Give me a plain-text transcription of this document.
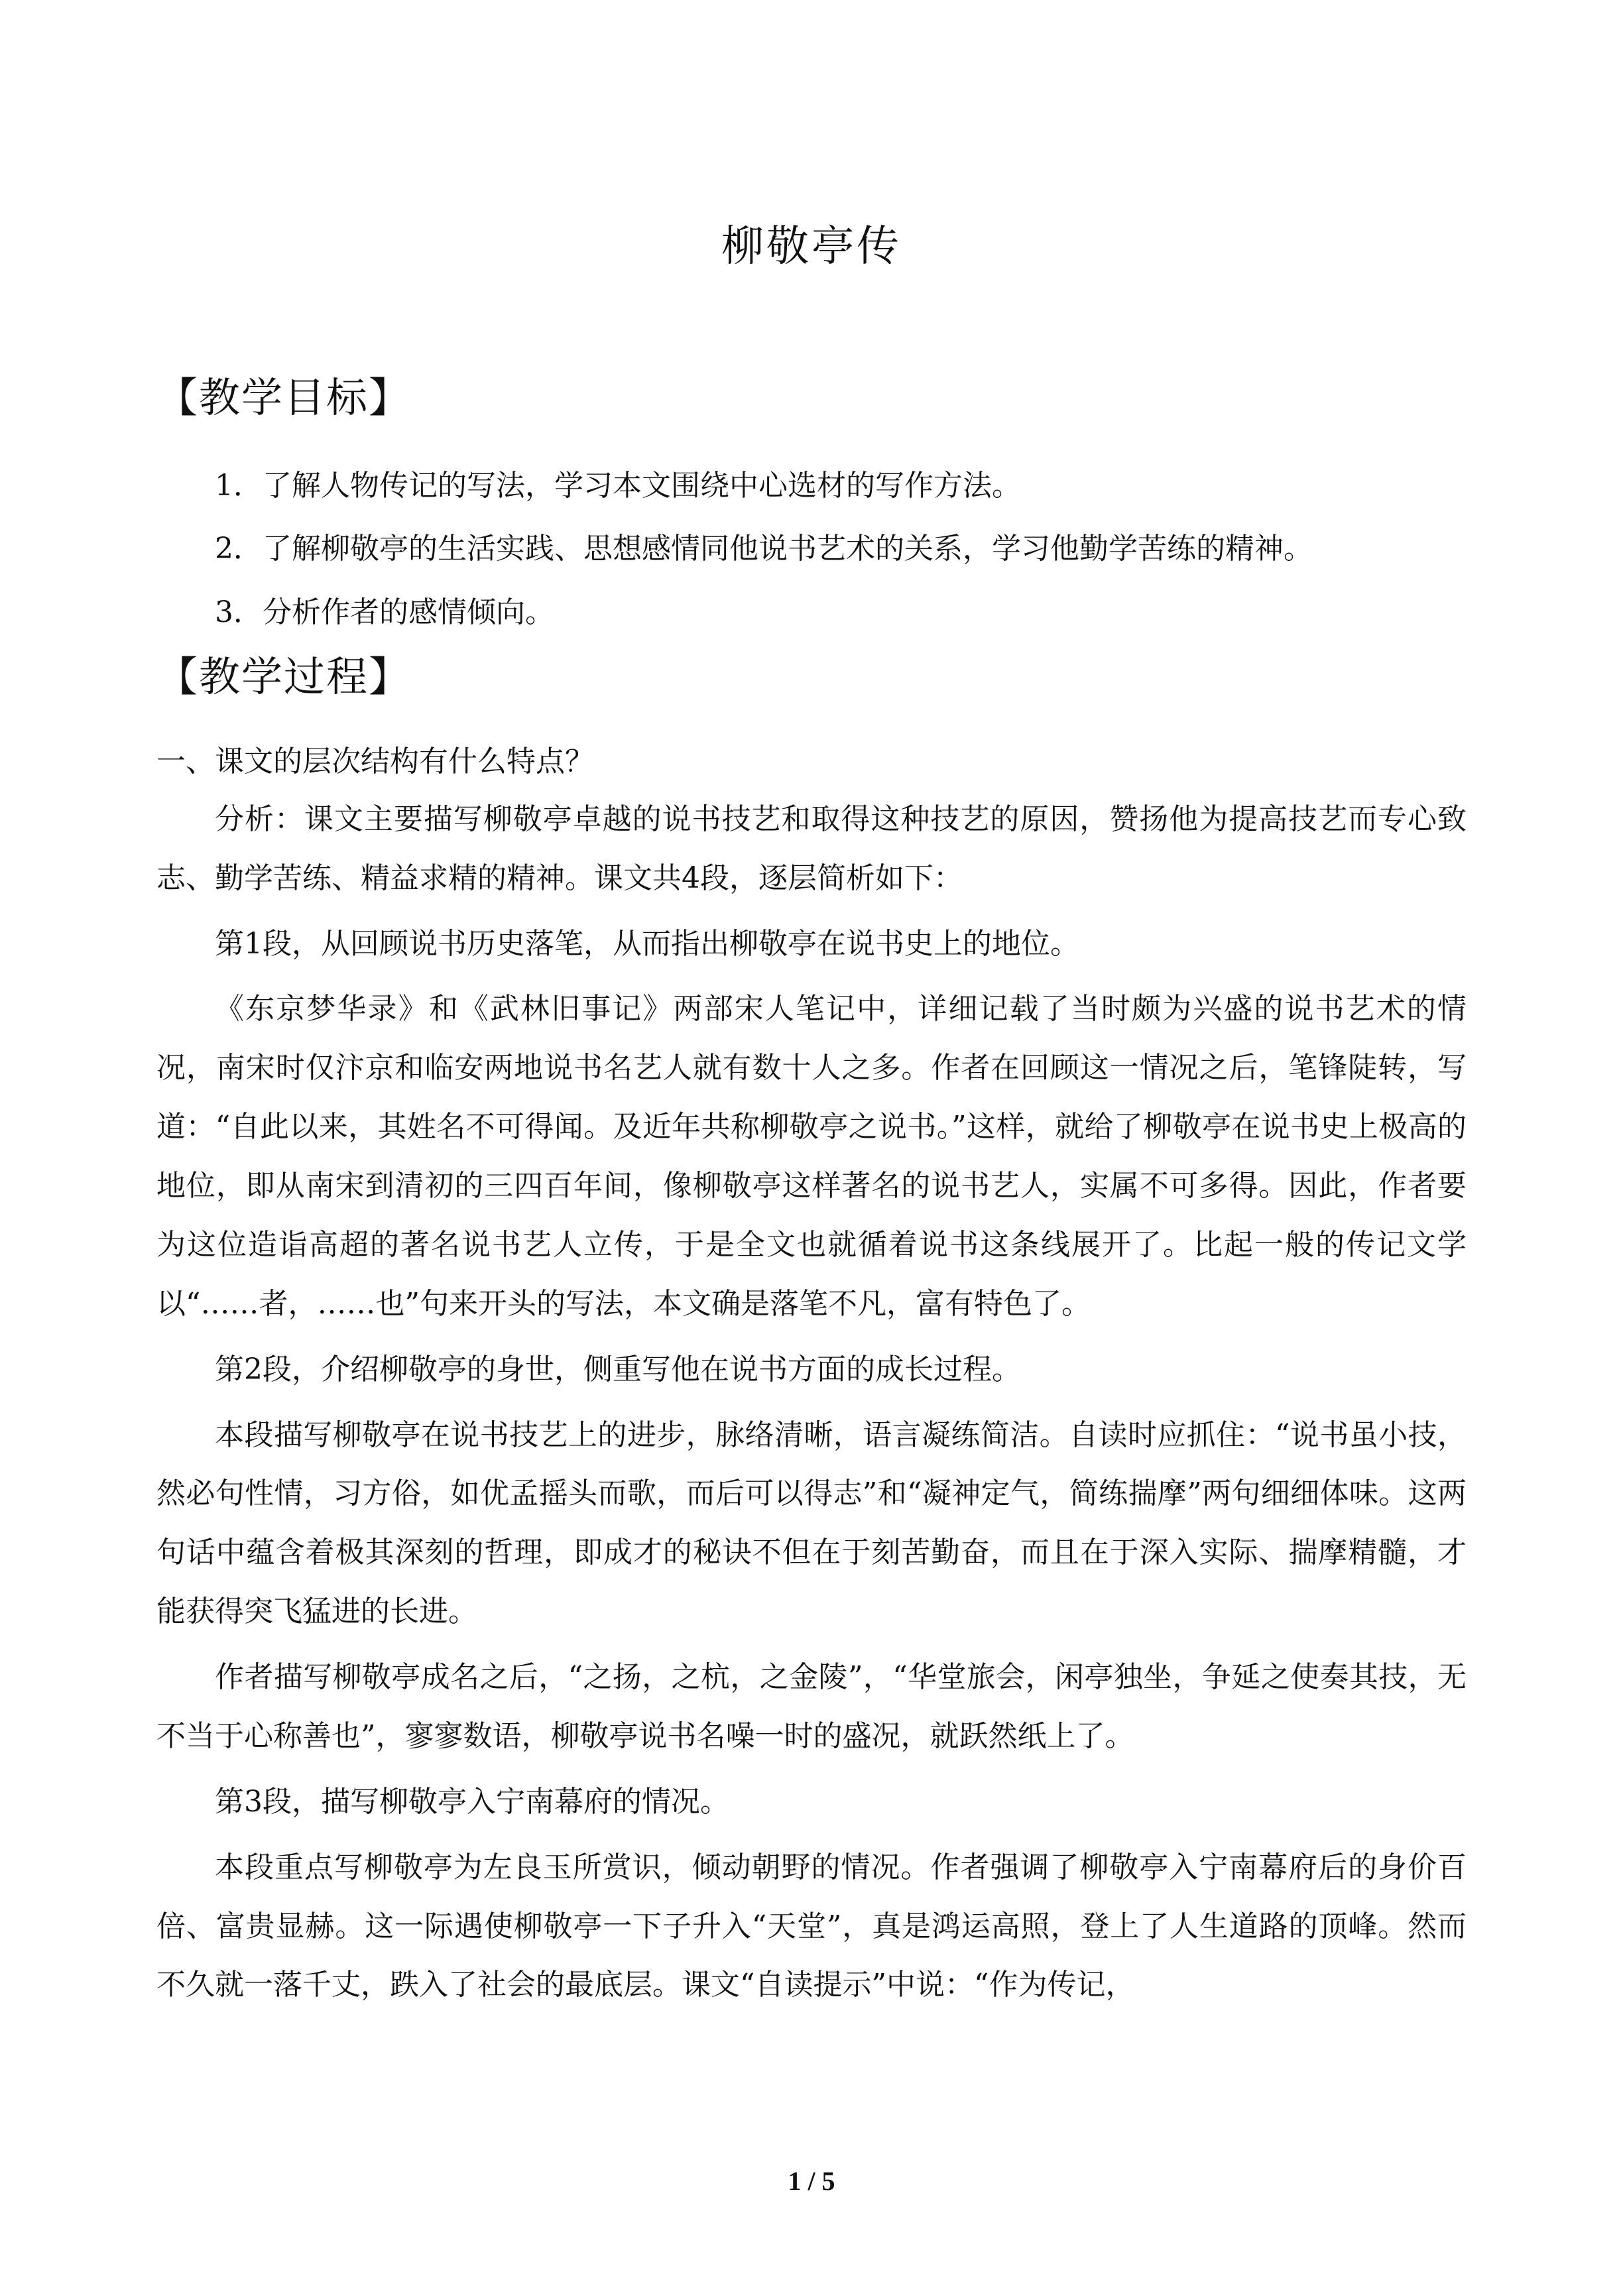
柳敬亭传
【教学目标】

1．了解人物传记的写法，学习本文围绕中心选材的写作方法。

2．了解柳敬亭的生活实践、思想感情同他说书艺术的关系，学习他勤学苦练的精神。

3．分析作者的感情倾向。

【教学过程】

一、课文的层次结构有什么特点？

分析：课文主要描写柳敬亭卓越的说书技艺和取得这种技艺的原因，赞扬他为提高技艺而专心致志、勤学苦练、精益求精的精神。课文共4段，逐层简析如下：

第1段，从回顾说书历史落笔，从而指出柳敬亭在说书史上的地位。

《东京梦华录》和《武林旧事记》两部宋人笔记中，详细记载了当时颇为兴盛的说书艺术的情况，南宋时仅汴京和临安两地说书名艺人就有数十人之多。作者在回顾这一情况之后，笔锋陡转，写道：“自此以来，其姓名不可得闻。及近年共称柳敬亭之说书。”这样，就给了柳敬亭在说书史上极高的地位，即从南宋到清初的三四百年间，像柳敬亭这样著名的说书艺人，实属不可多得。因此，作者要为这位造诣高超的著名说书艺人立传，于是全文也就循着说书这条线展开了。比起一般的传记文学以“……者，……也”句来开头的写法，本文确是落笔不凡，富有特色了。

第2段，介绍柳敬亭的身世，侧重写他在说书方面的成长过程。

本段描写柳敬亭在说书技艺上的进步，脉络清晰，语言凝练简洁。自读时应抓住：“说书虽小技，然必句性情，习方俗，如优孟摇头而歌，而后可以得志”和“凝神定气，简练揣摩”两句细细体味。这两句话中蕴含着极其深刻的哲理，即成才的秘诀不但在于刻苦勤奋，而且在于深入实际、揣摩精髓，才能获得突飞猛进的长进。

作者描写柳敬亭成名之后，“之扬，之杭，之金陵”，“华堂旅会，闲亭独坐，争延之使奏其技，无不当于心称善也”，寥寥数语，柳敬亭说书名噪一时的盛况，就跃然纸上了。

第3段，描写柳敬亭入宁南幕府的情况。

本段重点写柳敬亭为左良玉所赏识，倾动朝野的情况。作者强调了柳敬亭入宁南幕府后的身价百倍、富贵显赫。这一际遇使柳敬亭一下子升入“天堂”，真是鸿运高照，登上了人生道路的顶峰。然而不久就一落千丈，跌入了社会的最底层。课文“自读提示”中说：“作为传记，

1 / 5
